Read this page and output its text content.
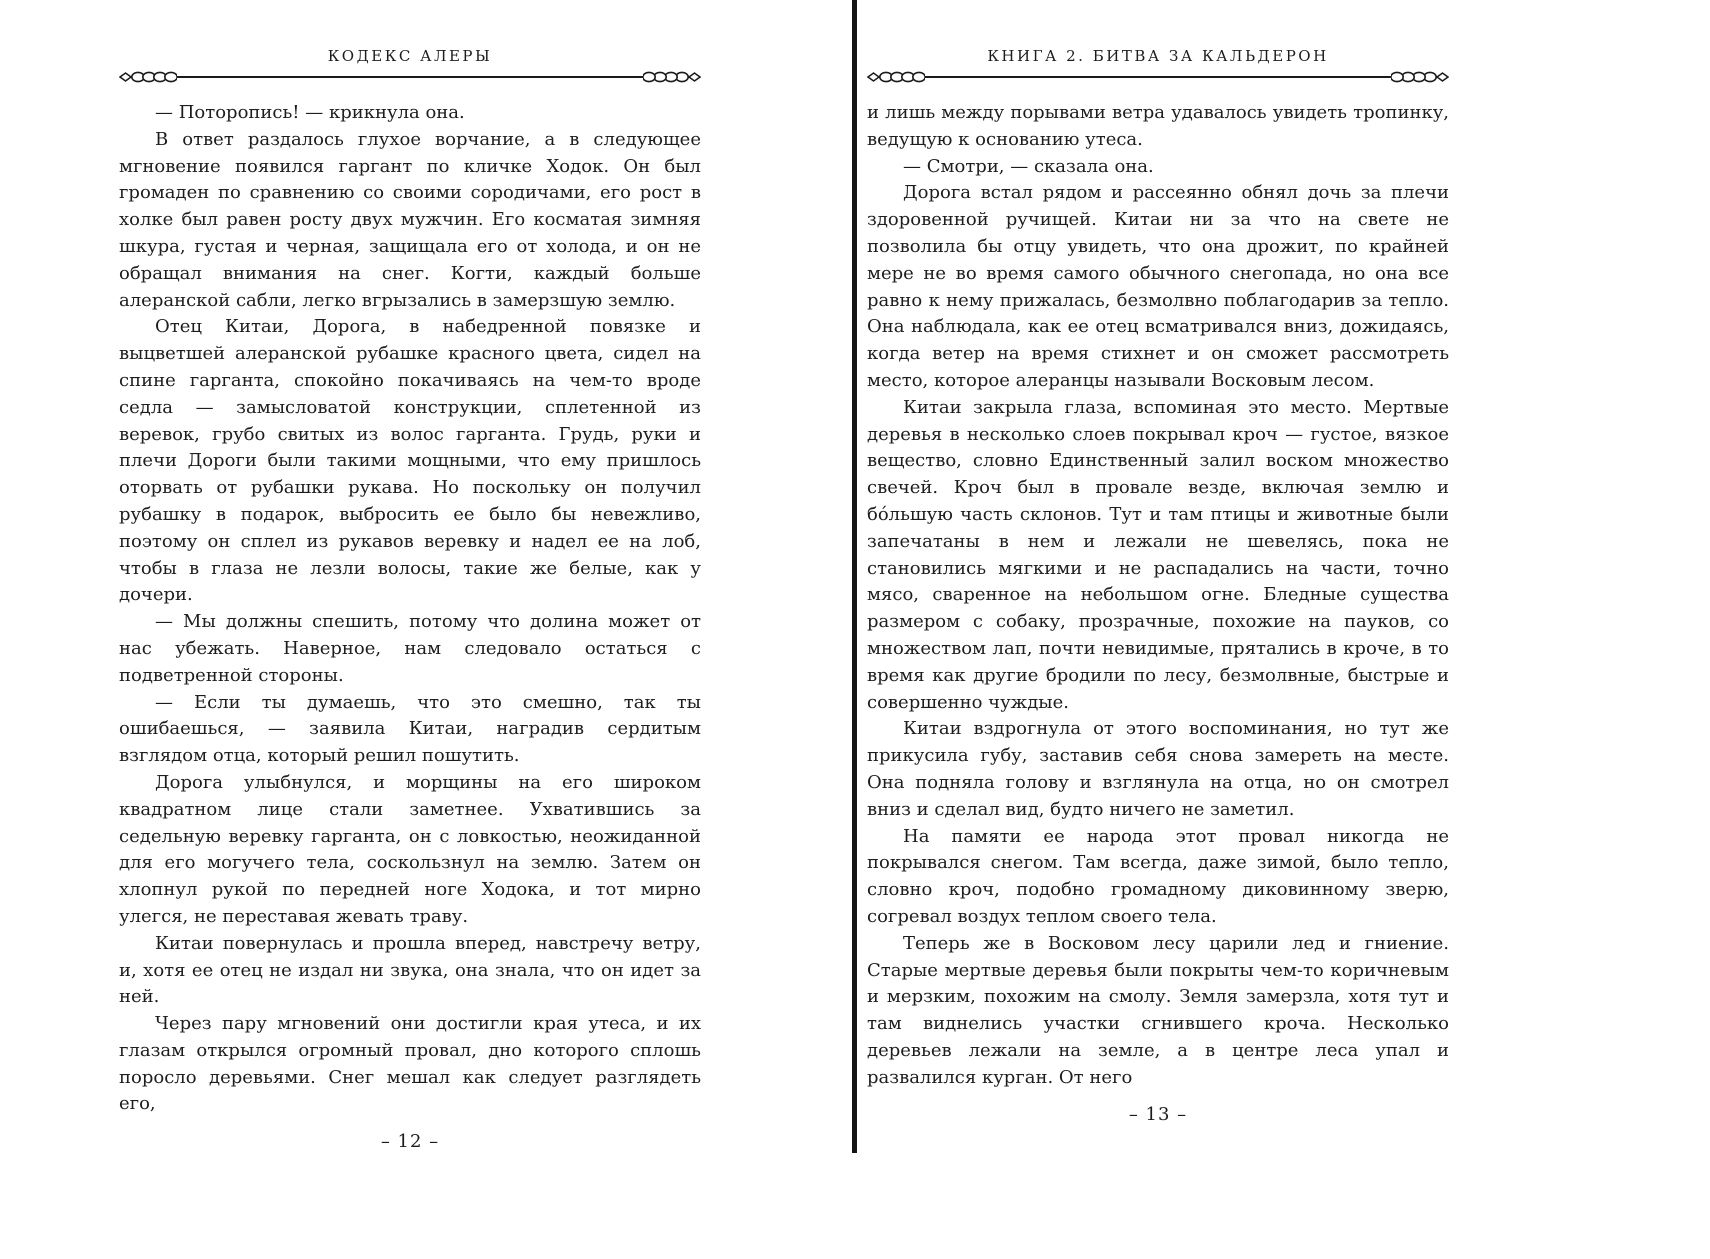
КОДЕКС АЛЕРЫ

— Поторопись! — крикнула она.

В ответ раздалось глухое ворчание, а в следующее мгновение появился гаргант по кличке Ходок. Он был громаден по сравнению со своими сородичами, его рост в холке был равен росту двух мужчин. Его косматая зимняя шкура, густая и черная, защищала его от холода, и он не обращал внимания на снег. Когти, каждый больше алеранской сабли, легко вгрызались в замерзшую землю.

Отец Китаи, Дорога, в набедренной повязке и выцветшей алеранской рубашке красного цвета, сидел на спине гарганта, спокойно покачиваясь на чем-то вроде седла — замысловатой конструкции, сплетенной из веревок, грубо свитых из волос гарганта. Грудь, руки и плечи Дороги были такими мощными, что ему пришлось оторвать от рубашки рукава. Но поскольку он получил рубашку в подарок, выбросить ее было бы невежливо, поэтому он сплел из рукавов веревку и надел ее на лоб, чтобы в глаза не лезли волосы, такие же белые, как у дочери.

— Мы должны спешить, потому что долина может от нас убежать. Наверное, нам следовало остаться с подветренной стороны.

— Если ты думаешь, что это смешно, так ты ошибаешься, — заявила Китаи, наградив сердитым взглядом отца, который решил пошутить.

Дорога улыбнулся, и морщины на его широком квадратном лице стали заметнее. Ухватившись за седельную веревку гарганта, он с ловкостью, неожиданной для его могучего тела, соскользнул на землю. Затем он хлопнул рукой по передней ноге Ходока, и тот мирно улегся, не переставая жевать траву.

Китаи повернулась и прошла вперед, навстречу ветру, и, хотя ее отец не издал ни звука, она знала, что он идет за ней.

Через пару мгновений они достигли края утеса, и их глазам открылся огромный провал, дно которого сплошь поросло деревьями. Снег мешал как следует разглядеть его,

– 12 –
КНИГА 2. БИТВА ЗА КАЛЬДЕРОН

и лишь между порывами ветра удавалось увидеть тропинку, ведущую к основанию утеса.

— Смотри, — сказала она.

Дорога встал рядом и рассеянно обнял дочь за плечи здоровенной ручищей. Китаи ни за что на свете не позволила бы отцу увидеть, что она дрожит, по крайней мере не во время самого обычного снегопада, но она все равно к нему прижалась, безмолвно поблагодарив за тепло. Она наблюдала, как ее отец всматривался вниз, дожидаясь, когда ветер на время стихнет и он сможет рассмотреть место, которое алеранцы называли Восковым лесом.

Китаи закрыла глаза, вспоминая это место. Мертвые деревья в несколько слоев покрывал кроч — густое, вязкое вещество, словно Единственный залил воском множество свечей. Кроч был в провале везде, включая землю и бо́льшую часть склонов. Тут и там птицы и животные были запечатаны в нем и лежали не шевелясь, пока не становились мягкими и не распадались на части, точно мясо, сваренное на небольшом огне. Бледные существа размером с собаку, прозрачные, похожие на пауков, со множеством лап, почти невидимые, прятались в кроче, в то время как другие бродили по лесу, безмолвные, быстрые и совершенно чуждые.

Китаи вздрогнула от этого воспоминания, но тут же прикусила губу, заставив себя снова замереть на месте. Она подняла голову и взглянула на отца, но он смотрел вниз и сделал вид, будто ничего не заметил.

На памяти ее народа этот провал никогда не покрывался снегом. Там всегда, даже зимой, было тепло, словно кроч, подобно громадному диковинному зверю, согревал воздух теплом своего тела.

Теперь же в Восковом лесу царили лед и гниение. Старые мертвые деревья были покрыты чем-то коричневым и мерзким, похожим на смолу. Земля замерзла, хотя тут и там виднелись участки сгнившего кроча. Несколько деревьев лежали на земле, а в центре леса упал и развалился курган. От него

– 13 –
